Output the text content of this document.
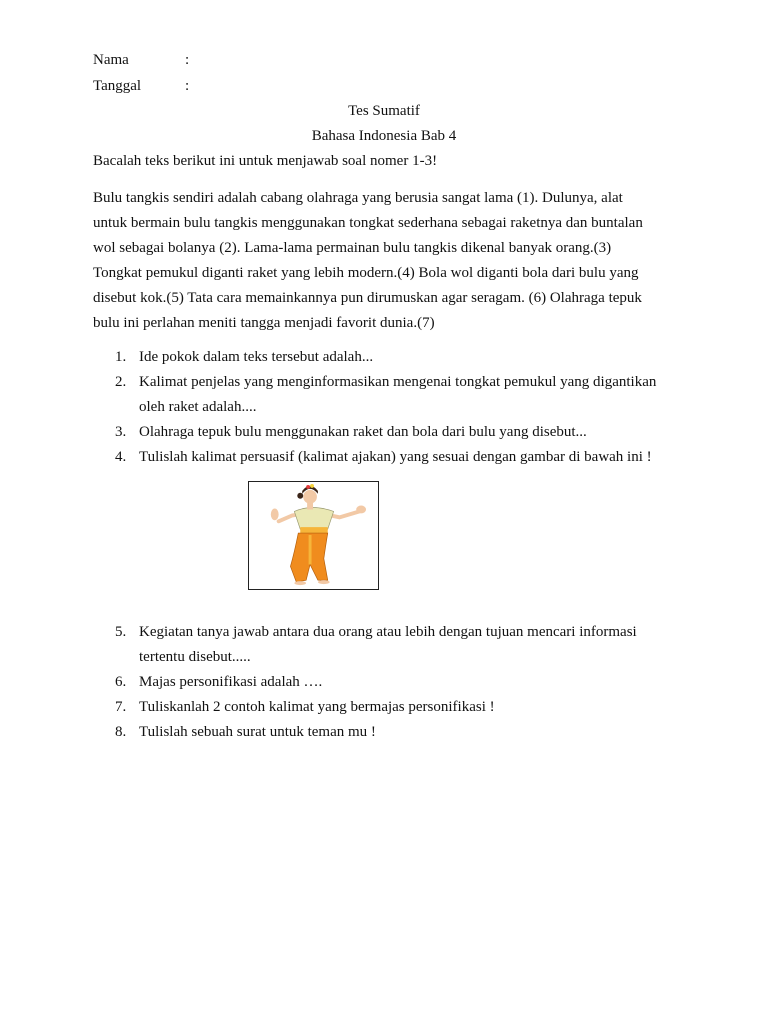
Nama	:
Tanggal	:
Tes Sumatif
Bahasa Indonesia Bab 4
Bacalah teks berikut ini untuk menjawab soal nomer 1-3!
Bulu tangkis sendiri adalah cabang olahraga yang berusia sangat lama (1). Dulunya, alat
untuk bermain bulu tangkis menggunakan tongkat sederhana sebagai raketnya dan buntalan
wol sebagai bolanya (2). Lama-lama permainan bulu tangkis dikenal banyak orang.(3)
Tongkat pemukul diganti raket yang lebih modern.(4) Bola wol diganti bola dari bulu yang
disebut kok.(5) Tata cara memainkannya pun dirumuskan agar seragam. (6) Olahraga tepuk
bulu ini perlahan meniti tangga menjadi favorit dunia.(7)
1. Ide pokok dalam teks tersebut adalah...
2. Kalimat penjelas yang menginformasikan mengenai tongkat pemukul yang digantikan
oleh raket adalah....
3. Olahraga tepuk bulu menggunakan raket dan bola dari bulu yang disebut...
4. Tulislah kalimat persuasif (kalimat ajakan) yang sesuai dengan gambar di bawah ini !
5. Kegiatan tanya jawab antara dua orang atau lebih dengan tujuan mencari informasi
tertentu disebut.....
6. Majas personifikasi adalah ….
7. Tuliskanlah 2 contoh kalimat yang bermajas personifikasi !
8. Tulislah sebuah surat untuk teman mu !
